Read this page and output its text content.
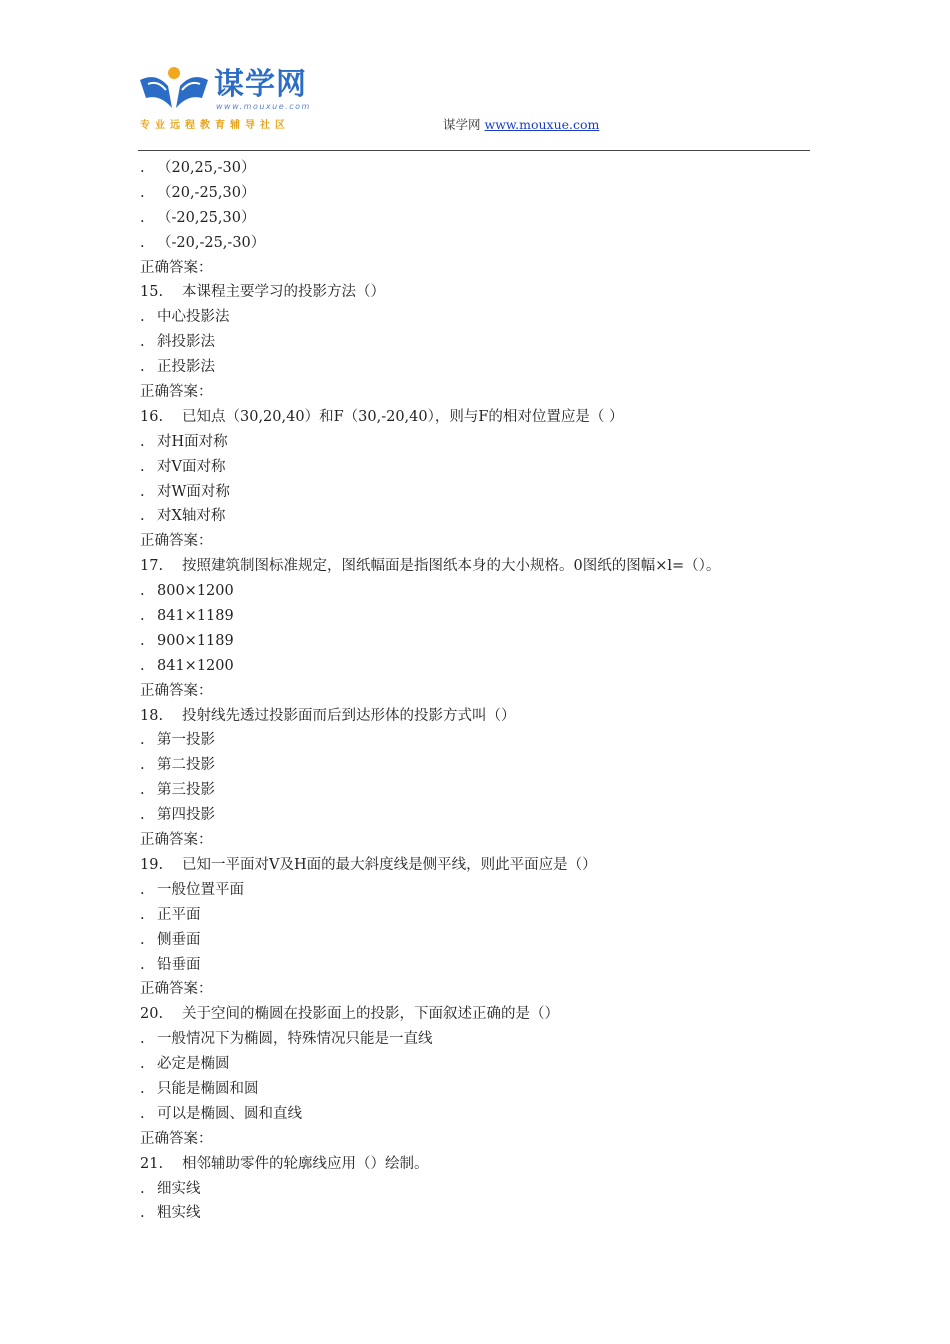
谋学网
www.mouxue.com
专业远程教育辅导社区	谋学网 www.mouxue.com
. （20,25,-30）
. （20,-25,30）
. （-20,25,30）
. （-20,-25,-30）
正确答案：
15. 本课程主要学习的投影方法（）
. 中心投影法
. 斜投影法
. 正投影法
正确答案：
16. 已知点（30,20,40）和F（30,-20,40），则与F的相对位置应是（ ）
. 对H面对称
. 对V面对称
. 对W面对称
. 对X轴对称
正确答案：
17. 按照建筑制图标准规定，图纸幅面是指图纸本身的大小规格。0图纸的图幅×l=（）。
. 800×1200
. 841×1189
. 900×1189
. 841×1200
正确答案：
18. 投射线先透过投影面而后到达形体的投影方式叫（）
. 第一投影
. 第二投影
. 第三投影
. 第四投影
正确答案：
19. 已知一平面对V及H面的最大斜度线是侧平线，则此平面应是（）
. 一般位置平面
. 正平面
. 侧垂面
. 铅垂面
正确答案：
20. 关于空间的椭圆在投影面上的投影，下面叙述正确的是（）
. 一般情况下为椭圆，特殊情况只能是一直线
. 必定是椭圆
. 只能是椭圆和圆
. 可以是椭圆、圆和直线
正确答案：
21. 相邻辅助零件的轮廓线应用（）绘制。
. 细实线
. 粗实线
